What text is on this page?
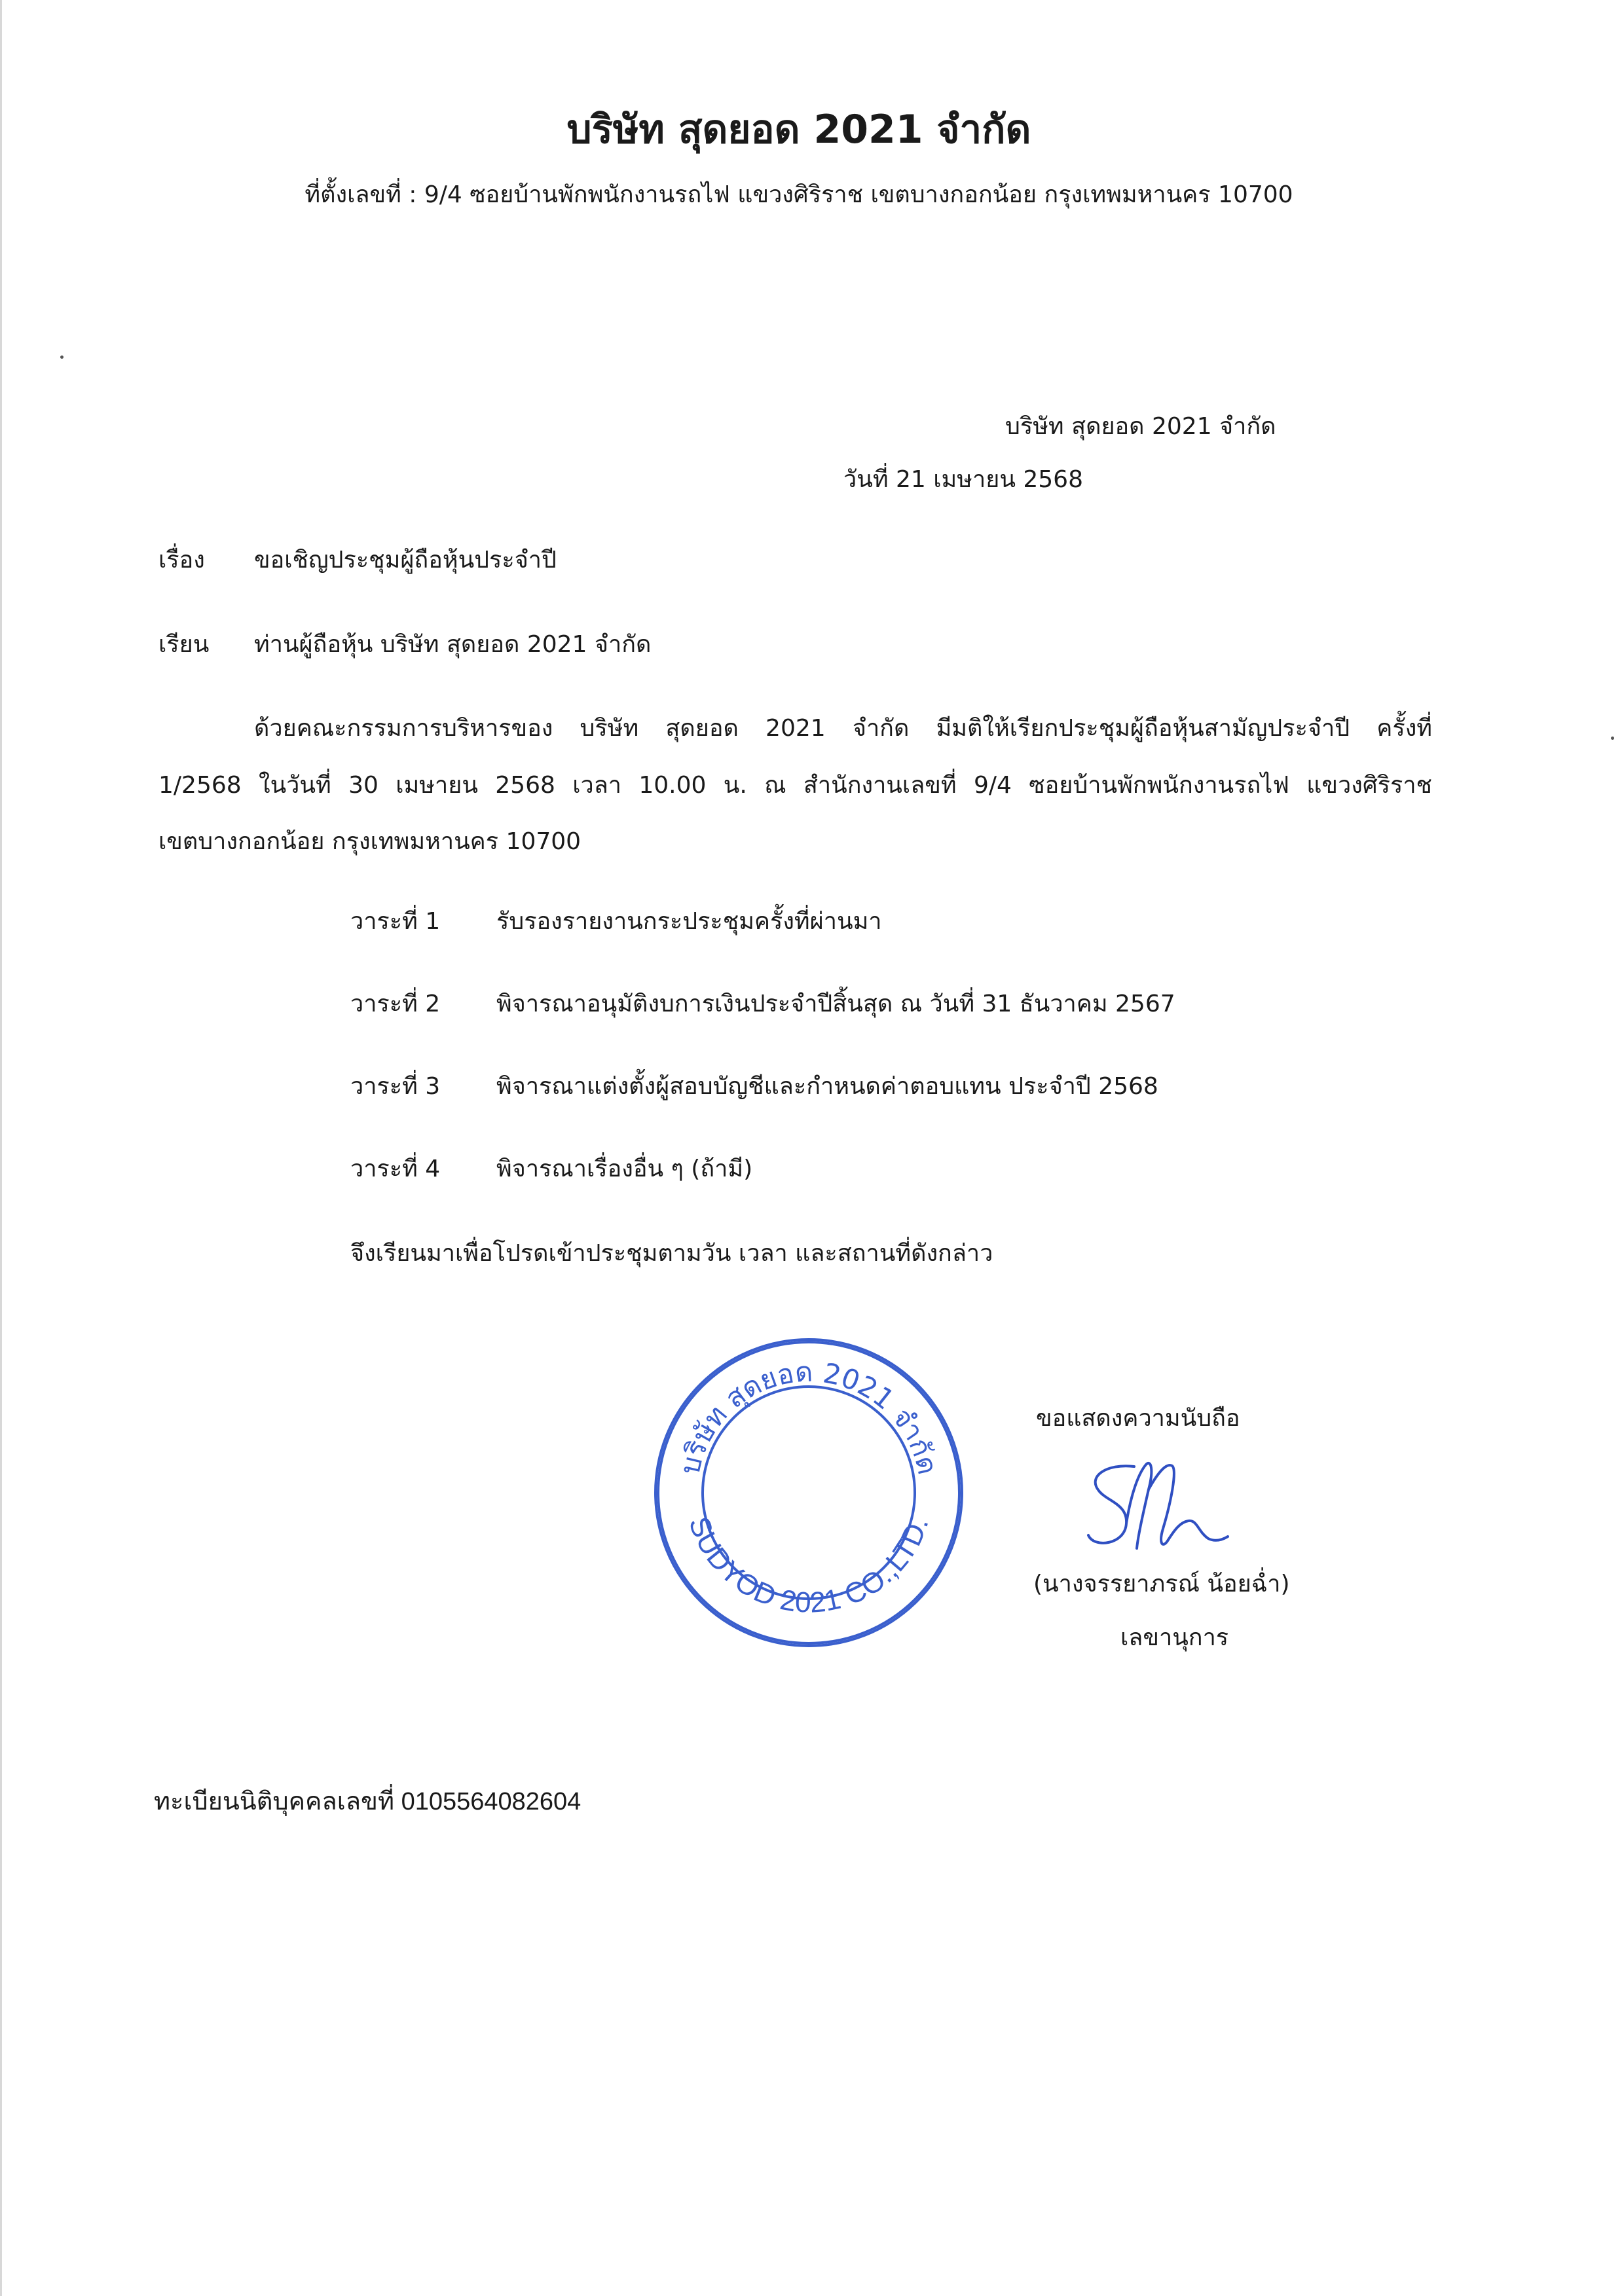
บริษัท สุดยอด 2021 จำกัด
ที่ตั้งเลขที่ : 9/4 ซอยบ้านพักพนักงานรถไฟ แขวงศิริราช เขตบางกอกน้อย กรุงเทพมหานคร 10700
บริษัท สุดยอด 2021 จำกัด
วันที่ 21 เมษายน 2568
เรื่อง ขอเชิญประชุมผู้ถือหุ้นประจำปี
เรียน ท่านผู้ถือหุ้น บริษัท สุดยอด 2021 จำกัด
ด้วยคณะกรรมการบริหารของ บริษัท สุดยอด 2021 จำกัด มีมติให้เรียกประชุมผู้ถือหุ้นสามัญประจำปี ครั้งที่
1/2568 ในวันที่ 30 เมษายน 2568 เวลา 10.00 น. ณ สำนักงานเลขที่ 9/4 ซอยบ้านพักพนักงานรถไฟ แขวงศิริราช
เขตบางกอกน้อย กรุงเทพมหานคร 10700
วาระที่ 1 รับรองรายงานกระประชุมครั้งที่ผ่านมา
วาระที่ 2 พิจารณาอนุมัติงบการเงินประจำปีสิ้นสุด ณ วันที่ 31 ธันวาคม 2567
วาระที่ 3 พิจารณาแต่งตั้งผู้สอบบัญชีและกำหนดค่าตอบแทน ประจำปี 2568
วาระที่ 4 พิจารณาเรื่องอื่น ๆ (ถ้ามี)
จึงเรียนมาเพื่อโปรดเข้าประชุมตามวัน เวลา และสถานที่ดังกล่าว
บริษัท สุดยอด 2021 จำกัด
SUDYOD 2021 CO.,LTD.
ขอแสดงความนับถือ
(นางจรรยาภรณ์ น้อยฉ่ำ)
เลขานุการ
ทะเบียนนิติบุคคลเลขที่ 0105564082604
